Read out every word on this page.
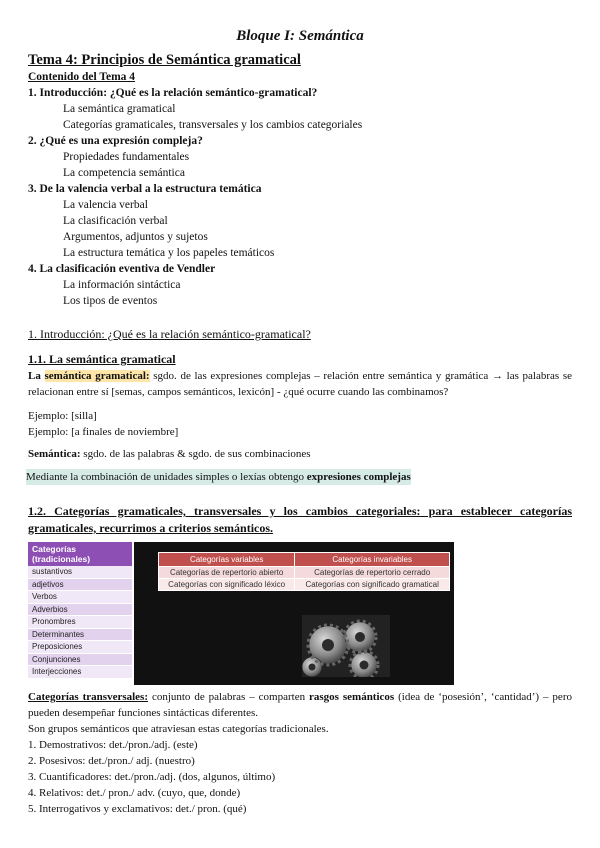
Bloque I: Semántica
Tema 4: Principios de Semántica gramatical
Contenido del Tema 4
1. Introducción: ¿Qué es la relación semántico-gramatical?
La semántica gramatical
Categorías gramaticales, transversales y los cambios categoriales
2. ¿Qué es una expresión compleja?
Propiedades fundamentales
La competencia semántica
3. De la valencia verbal a la estructura temática
La valencia verbal
La clasificación verbal
Argumentos, adjuntos y sujetos
La estructura temática y los papeles temáticos
4. La clasificación eventiva de Vendler
La información sintáctica
Los tipos de eventos
1. Introducción: ¿Qué es la relación semántico-gramatical?
1.1. La semántica gramatical
La semántica gramatical: sgdo. de las expresiones complejas – relación entre semántica y gramática → las palabras se relacionan entre sí [semas, campos semánticos, lexicón] - ¿qué ocurre cuando las combinamos?
Ejemplo: [silla]
Ejemplo: [a finales de noviembre]
Semántica: sgdo. de las palabras & sgdo. de sus combinaciones
Mediante la combinación de unidades simples o lexías obtengo expresiones complejas
1.2. Categorías gramaticales, transversales y los cambios categoriales: para establecer categorías gramaticales, recurrimos a criterios semánticos.
Categorías (tradicionales)
sustantivos
adjetivos
Verbos
Adverbios
Pronombres
Determinantes
Preposiciones
Conjunciones
Interjecciones
Categorías variables	Categorías invariables
Categorías de repertorio abierto	Categorías de repertorio cerrado
Categorías con significado léxico	Categorías con significado gramatical
Categorías transversales: conjunto de palabras – comparten rasgos semánticos (idea de ‘posesión’, ‘cantidad’) – pero pueden desempeñar funciones sintácticas diferentes.
Son grupos semánticos que atraviesan estas categorías tradicionales.
1. Demostrativos: det./pron./adj. (este)
2. Posesivos: det./pron./ adj. (nuestro)
3. Cuantificadores: det./pron./adj. (dos, algunos, último)
4. Relativos: det./ pron./ adv. (cuyo, que, donde)
5. Interrogativos y exclamativos: det./ pron. (qué)
